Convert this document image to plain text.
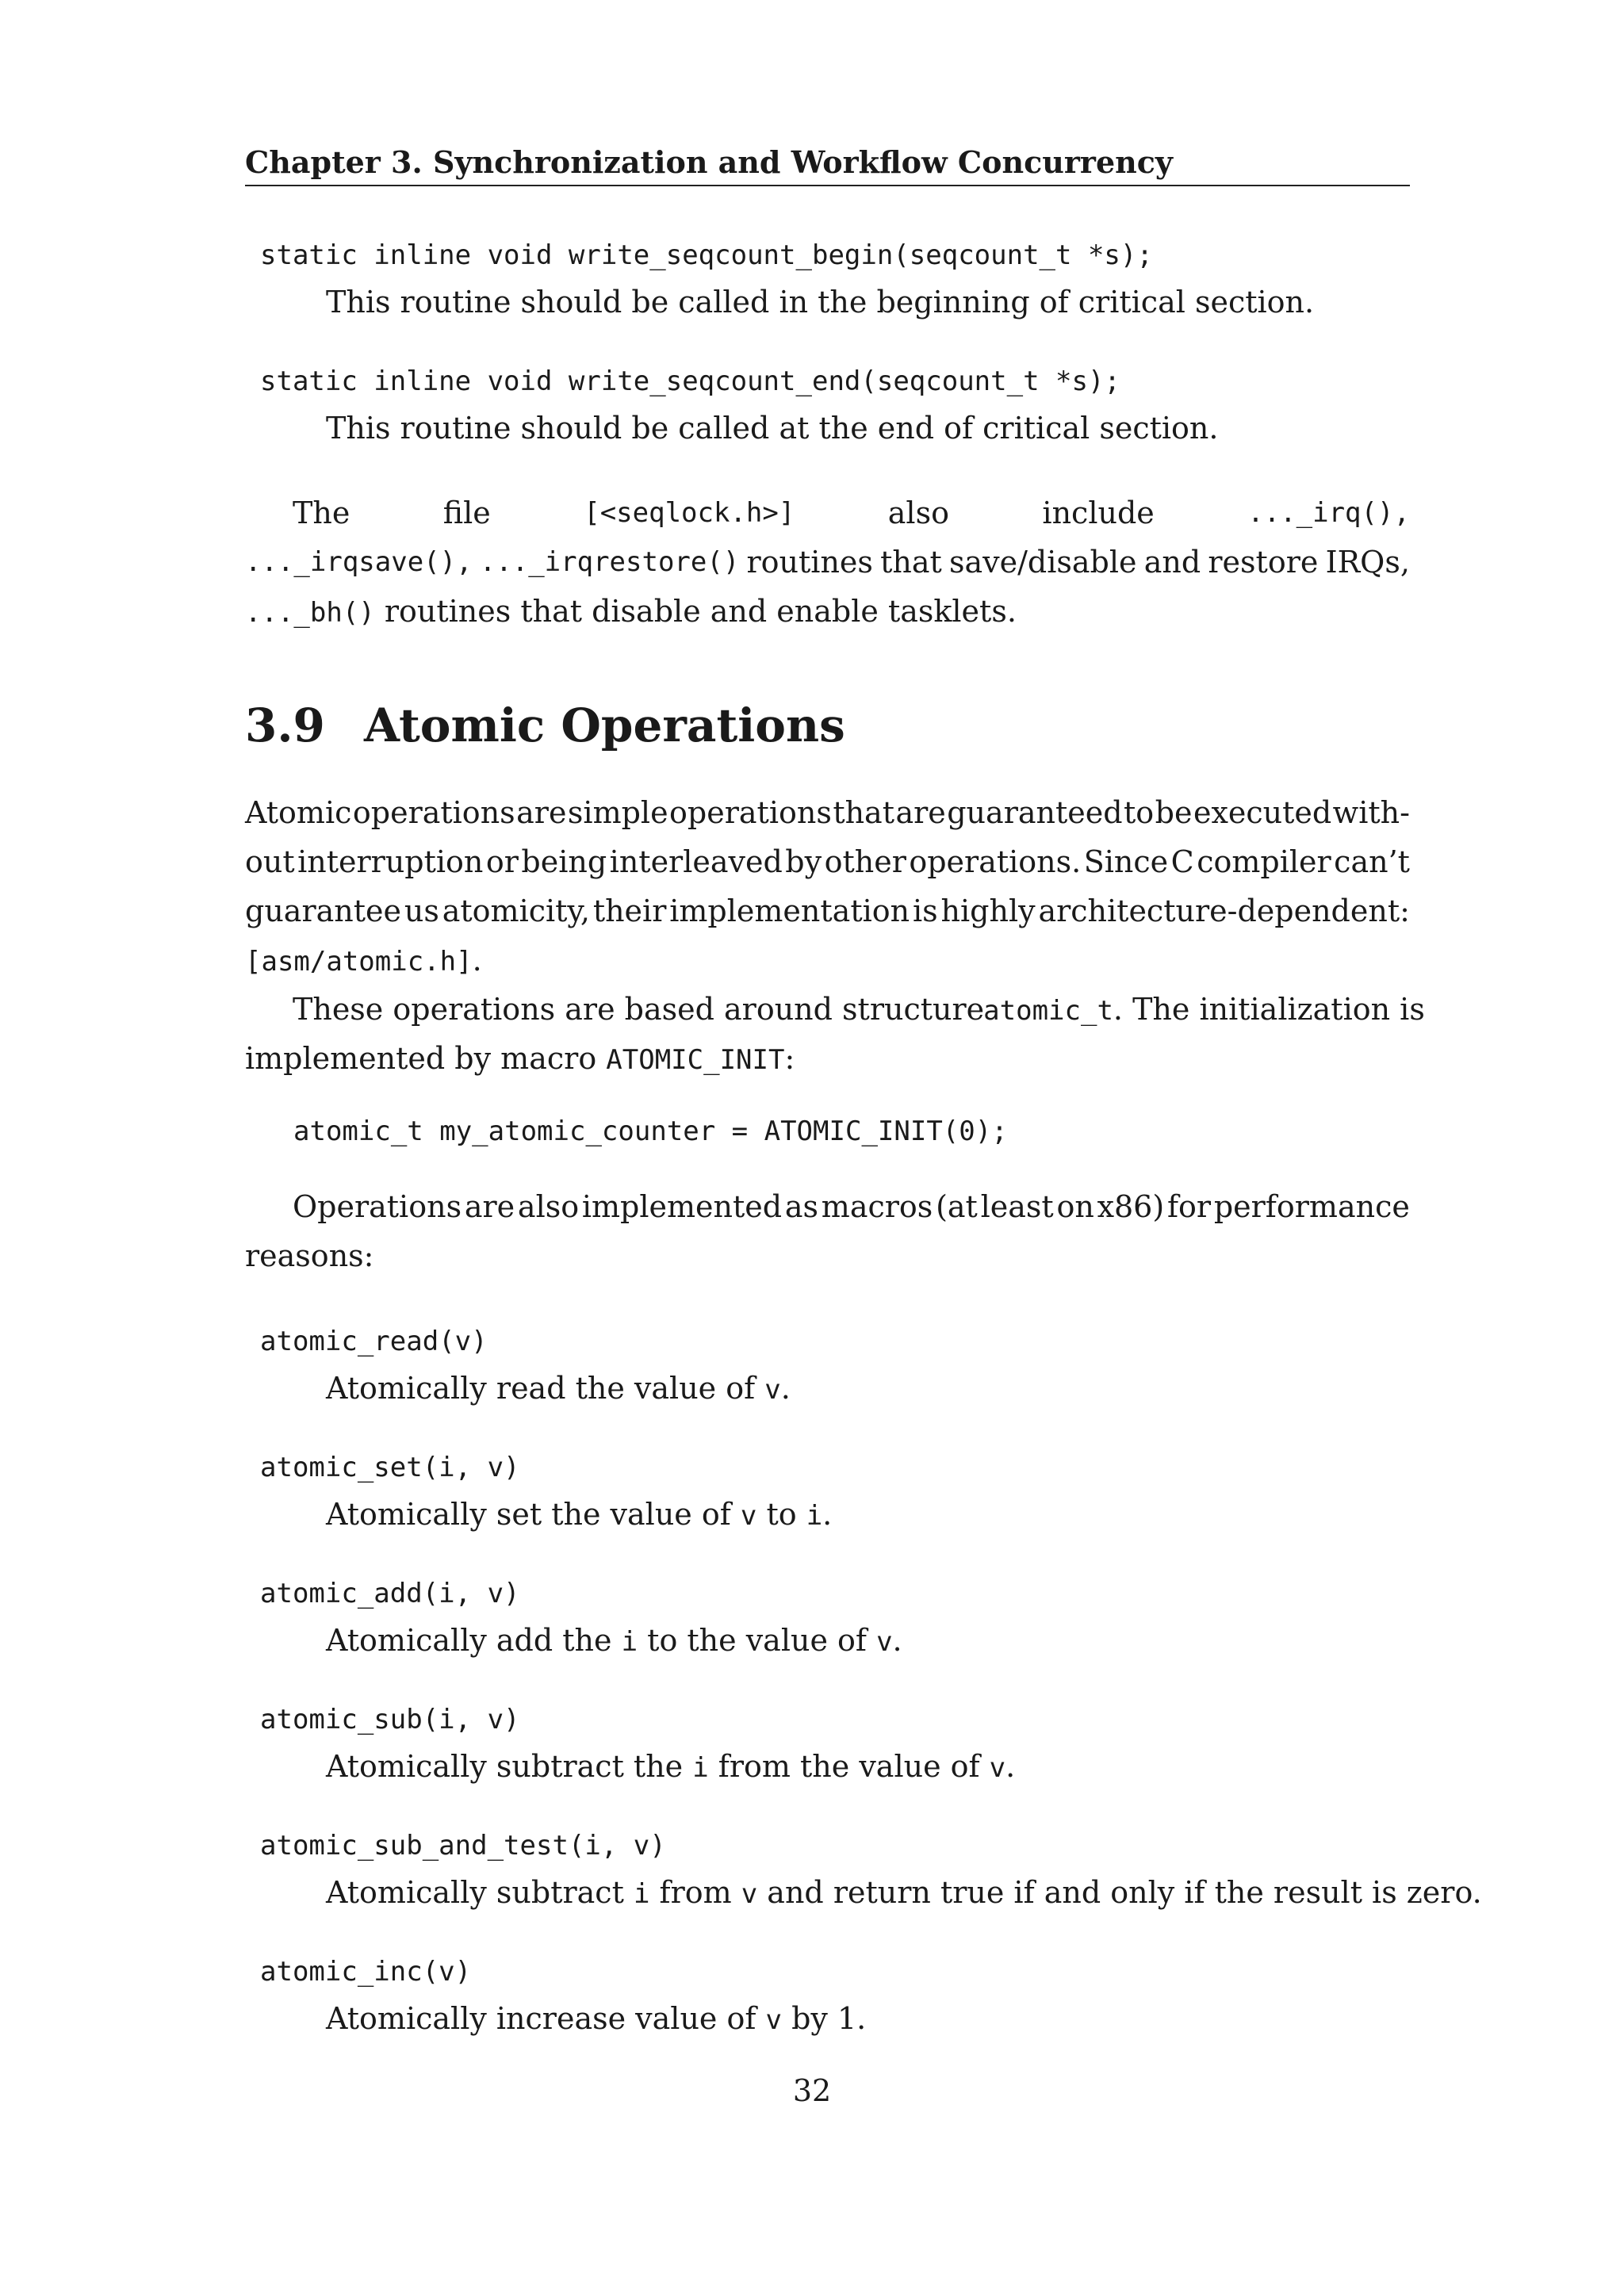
Chapter 3. Synchronization and Workflow Concurrency
static inline void write_seqcount_begin(seqcount_t *s);
This routine should be called in the beginning of critical section.
static inline void write_seqcount_end(seqcount_t *s);
This routine should be called at the end of critical section.
The	file	[<seqlock.h>]	also	include	..._irq(),
..._irqsave(), ..._irqrestore() routines that save/disable and restore IRQs,
..._bh() routines that disable and enable tasklets.
3.9 Atomic Operations
Atomic operations are simple operations that are guaranteed to be executed with-
out interruption or being interleaved by other operations. Since C compiler can’t
guarantee us atomicity, their implementation is highly architecture-dependent:
[asm/atomic.h].
These operations are based around structure atomic_t. The initialization is
implemented by macro ATOMIC_INIT:
atomic_t my_atomic_counter = ATOMIC_INIT(0);
Operations are also implemented as macros (at least on x86) for performance
reasons:
atomic_read(v)
Atomically read the value of v.
atomic_set(i, v)
Atomically set the value of v to i.
atomic_add(i, v)
Atomically add the i to the value of v.
atomic_sub(i, v)
Atomically subtract the i from the value of v.
atomic_sub_and_test(i, v)
Atomically subtract i from v and return true if and only if the result is zero.
atomic_inc(v)
Atomically increase value of v by 1.
32
